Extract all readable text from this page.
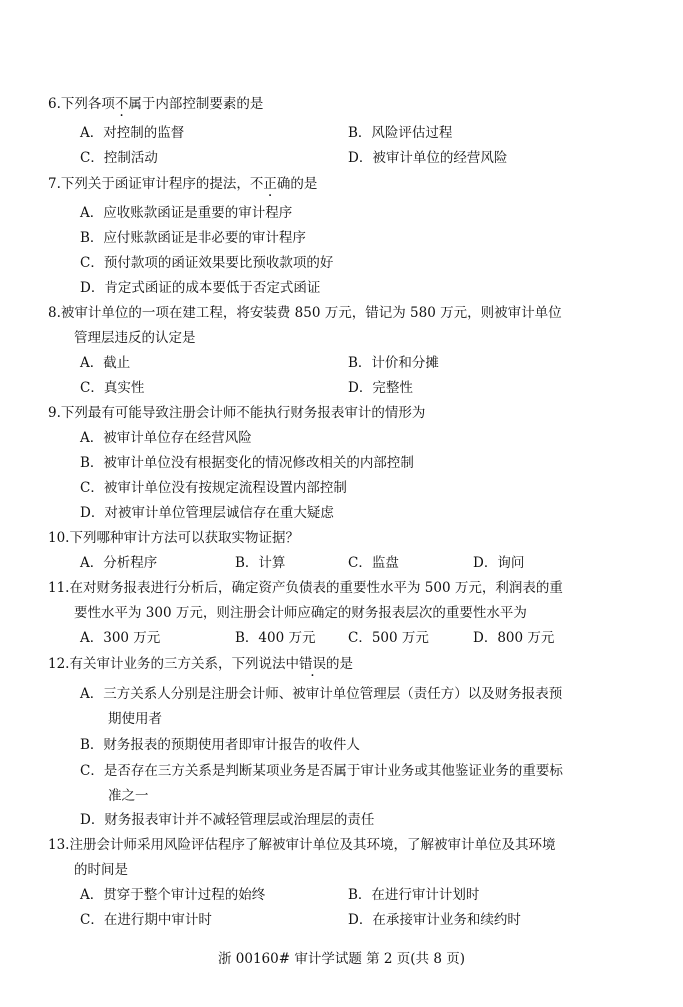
6.下列各项不属于内部控制要素的是
A．对控制的监督	B．风险评估过程
C．控制活动	D．被审计单位的经营风险
7.下列关于函证审计程序的提法，不正确的是
A．应收账款函证是重要的审计程序
B．应付账款函证是非必要的审计程序
C．预付款项的函证效果要比预收款项的好
D．肯定式函证的成本要低于否定式函证
8.被审计单位的一项在建工程，将安装费 850 万元，错记为 580 万元，则被审计单位
管理层违反的认定是
A．截止	B．计价和分摊
C．真实性	D．完整性
9.下列最有可能导致注册会计师不能执行财务报表审计的情形为
A．被审计单位存在经营风险
B．被审计单位没有根据变化的情况修改相关的内部控制
C．被审计单位没有按规定流程设置内部控制
D．对被审计单位管理层诚信存在重大疑虑
10.下列哪种审计方法可以获取实物证据？
A．分析程序	B．计算	C．监盘	D．询问
11.在对财务报表进行分析后，确定资产负债表的重要性水平为 500 万元，利润表的重
要性水平为 300 万元，则注册会计师应确定的财务报表层次的重要性水平为
A．300 万元	B．400 万元 C．500 万元	D．800 万元
12.有关审计业务的三方关系，下列说法中错误的是
A．三方关系人分别是注册会计师、被审计单位管理层（责任方）以及财务报表预
期使用者
B．财务报表的预期使用者即审计报告的收件人
C．是否存在三方关系是判断某项业务是否属于审计业务或其他鉴证业务的重要标
准之一
D．财务报表审计并不减轻管理层或治理层的责任
13.注册会计师采用风险评估程序了解被审计单位及其环境，了解被审计单位及其环境
的时间是
A．贯穿于整个审计过程的始终	B．在进行审计计划时
C．在进行期中审计时	D．在承接审计业务和续约时
浙 00160# 审计学试题 第 2 页(共 8 页)
